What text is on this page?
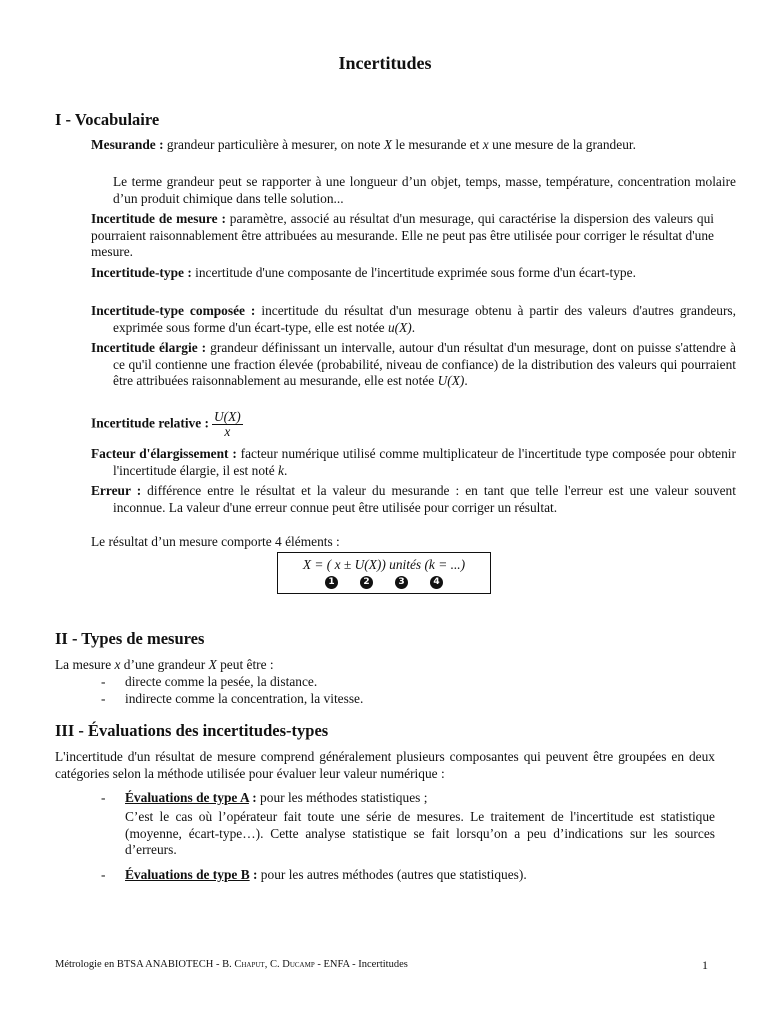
Incertitudes
I - Vocabulaire
Mesurande : grandeur particulière à mesurer, on note X le mesurande et x une mesure de la grandeur.
Le terme grandeur peut se rapporter à une longueur d’un objet, temps, masse, température, concentration molaire d’un produit chimique dans telle solution...
Incertitude de mesure : paramètre, associé au résultat d'un mesurage, qui caractérise la dispersion des valeurs qui pourraient raisonnablement être attribuées au mesurande. Elle ne peut pas être utilisée pour corriger le résultat d'une mesure.
Incertitude-type : incertitude d'une composante de l'incertitude exprimée sous forme d'un écart-type.
Incertitude-type composée : incertitude du résultat d'un mesurage obtenu à partir des valeurs d'autres grandeurs, exprimée sous forme d'un écart-type, elle est notée u(X).
Incertitude élargie : grandeur définissant un intervalle, autour d'un résultat d'un mesurage, dont on puisse s'attendre à ce qu'il contienne une fraction élevée (probabilité, niveau de confiance) de la distribution des valeurs qui pourraient être attribuées raisonnablement au mesurande, elle est notée U(X).
Incertitude relative : $\frac{U(X)}{x}$
Facteur d'élargissement : facteur numérique utilisé comme multiplicateur de l'incertitude type composée pour obtenir l'incertitude élargie, il est noté k.
Erreur : différence entre le résultat et la valeur du mesurande : en tant que telle l'erreur est une valeur souvent inconnue. La valeur d'une erreur connue peut être utilisée pour corriger un résultat.
Le résultat d’un mesure comporte 4 éléments :
X = ( x ± U(X)) unités (k = ...)
1	2	3	4
II - Types de mesures
La mesure x d’une grandeur X peut être :
- directe comme la pesée, la distance.
- indirecte comme la concentration, la vitesse.
III - Évaluations des incertitudes-types
L'incertitude d'un résultat de mesure comprend généralement plusieurs composantes qui peuvent être groupées en deux catégories selon la méthode utilisée pour évaluer leur valeur numérique :
- Évaluations de type A : pour les méthodes statistiques ;
C’est le cas où l’opérateur fait toute une série de mesures. Le traitement de l'incertitude est statistique (moyenne, écart-type…). Cette analyse statistique se fait lorsqu’on a peu d’indications sur les sources d’erreurs.
- Évaluations de type B : pour les autres méthodes (autres que statistiques).
Métrologie en BTSA ANABIOTECH - B. Chaput, C. Ducamp - ENFA - Incertitudes	1
